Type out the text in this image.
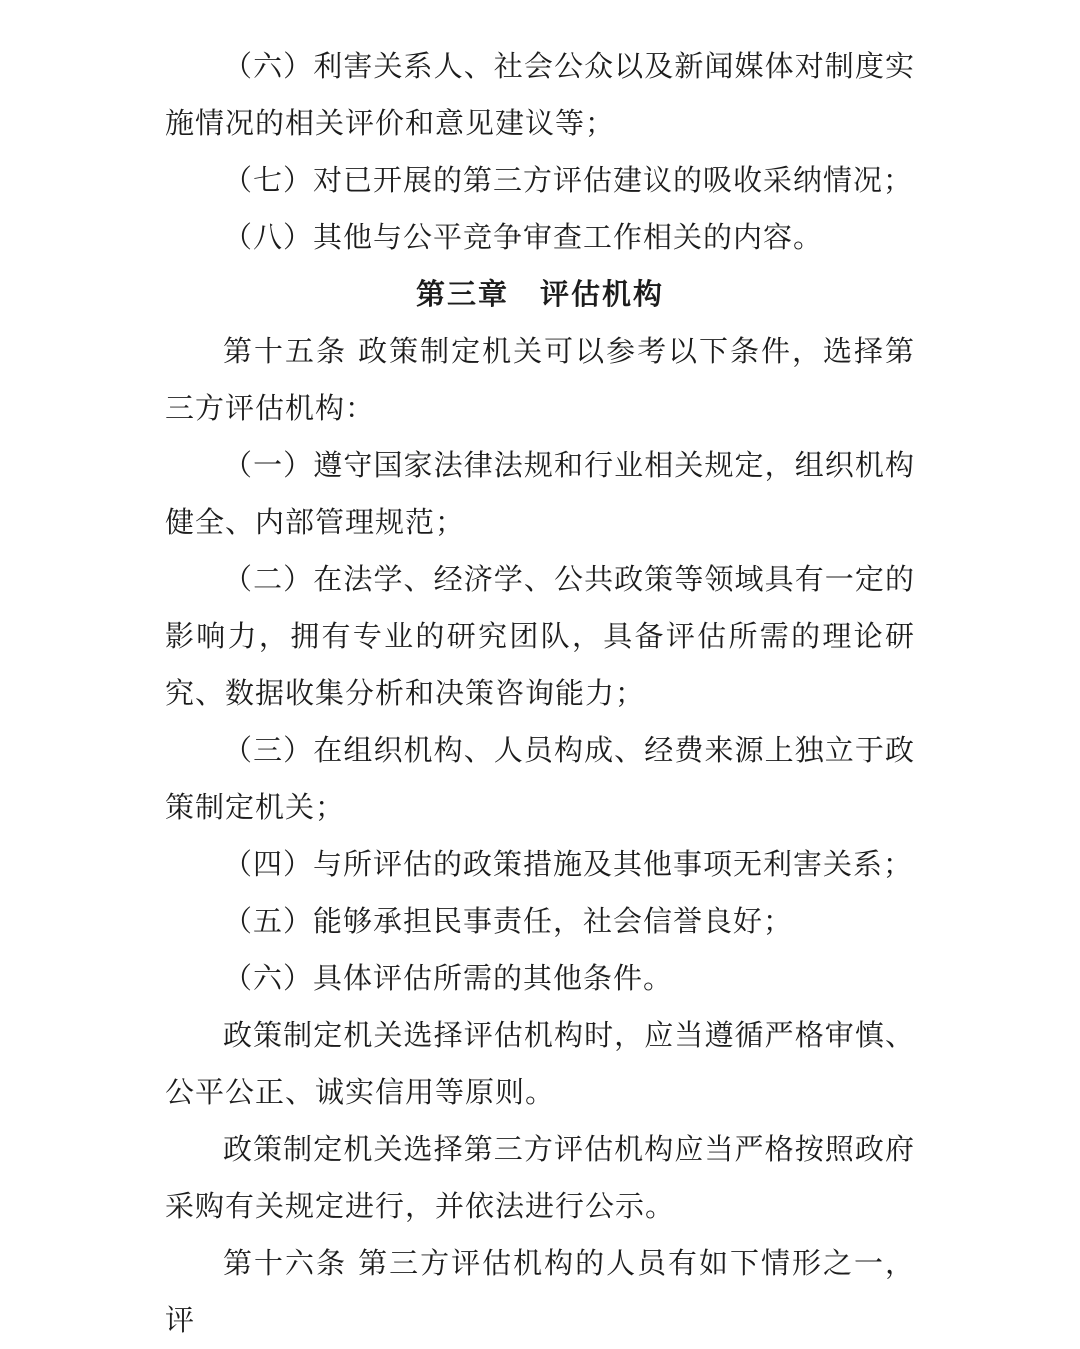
（六）利害关系人、社会公众以及新闻媒体对制度实施情况的相关评价和意见建议等；

（七）对已开展的第三方评估建议的吸收采纳情况；

（八）其他与公平竞争审查工作相关的内容。

第三章　评估机构

第十五条 政策制定机关可以参考以下条件，选择第三方评估机构：

（一）遵守国家法律法规和行业相关规定，组织机构健全、内部管理规范；

（二）在法学、经济学、公共政策等领域具有一定的影响力，拥有专业的研究团队，具备评估所需的理论研究、数据收集分析和决策咨询能力；

（三）在组织机构、人员构成、经费来源上独立于政策制定机关；

（四）与所评估的政策措施及其他事项无利害关系；

（五）能够承担民事责任，社会信誉良好；

（六）具体评估所需的其他条件。

政策制定机关选择评估机构时，应当遵循严格审慎、公平公正、诚实信用等原则。

政策制定机关选择第三方评估机构应当严格按照政府采购有关规定进行，并依法进行公示。

第十六条 第三方评估机构的人员有如下情形之一，评
